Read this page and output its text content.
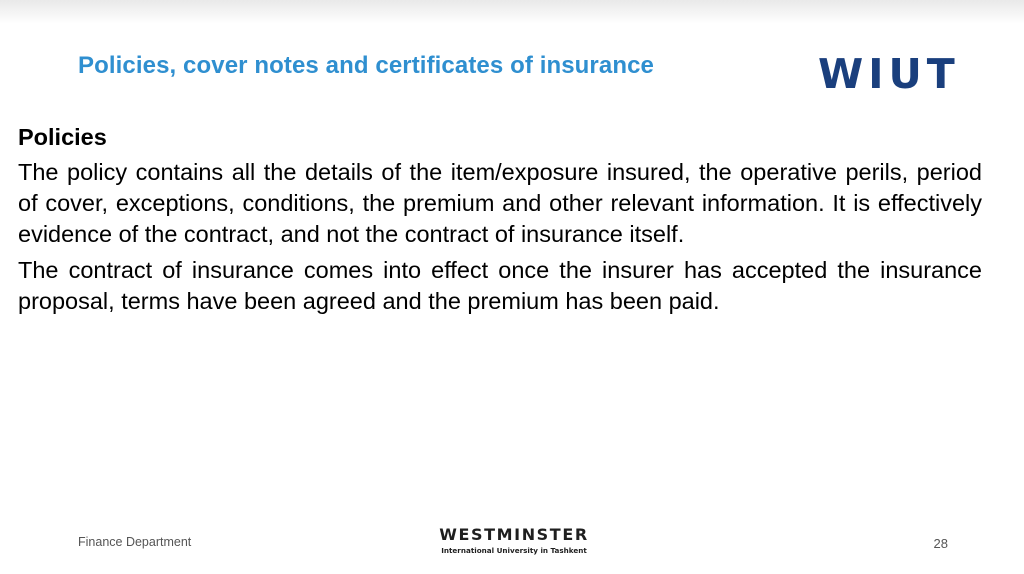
Policies, cover notes and certificates of insurance	WIUT
Policies

The policy contains all the details of the item/exposure insured, the operative perils, period of cover, exceptions, conditions, the premium and other relevant information. It is effectively evidence of the contract, and not the contract of insurance itself.

The contract of insurance comes into effect once the insurer has accepted the insurance proposal, terms have been agreed and the premium has been paid.

Finance Department	WESTMINSTER
International University in Tashkent	28
